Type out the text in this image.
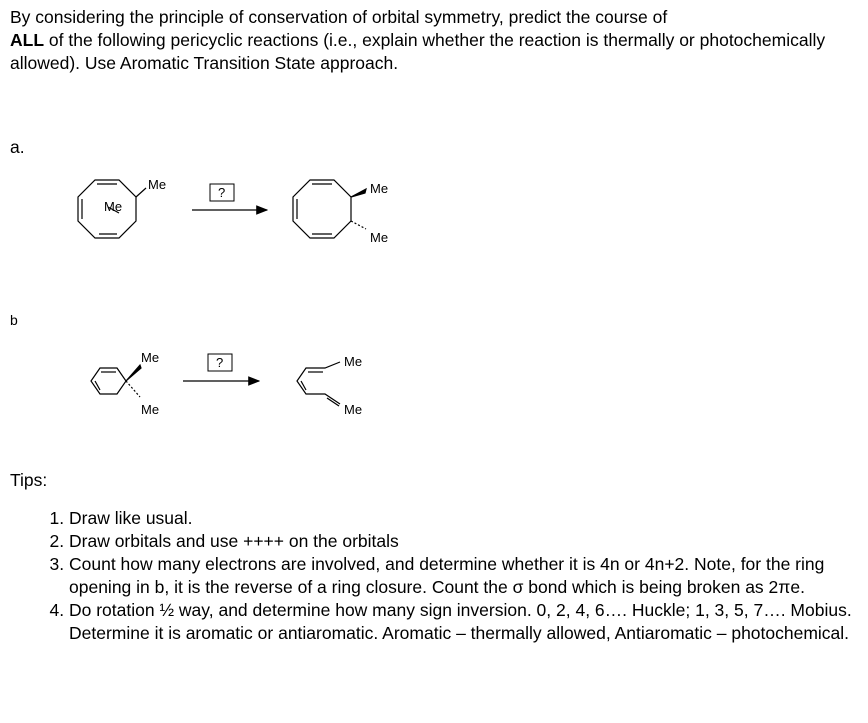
By considering the principle of conservation of orbital symmetry, predict the course of
ALL of the following pericyclic reactions (i.e., explain whether the reaction is thermally or photochemically allowed). Use Aromatic Transition State approach.
a.
b
Me
Me
?	Me
Me
Me
Me
?	Me
Me
Tips:
1. Draw like usual.
2. Draw orbitals and use ++++ on the orbitals
3. Count how many electrons are involved, and determine whether it is 4n or 4n+2. Note, for the ring opening in b, it is the reverse of a ring closure. Count the σ bond which is being broken as 2πe.
4. Do rotation ½ way, and determine how many sign inversion. 0, 2, 4, 6…. Huckle; 1, 3, 5, 7…. Mobius. Determine it is aromatic or antiaromatic. Aromatic – thermally allowed, Antiaromatic – photochemical.
